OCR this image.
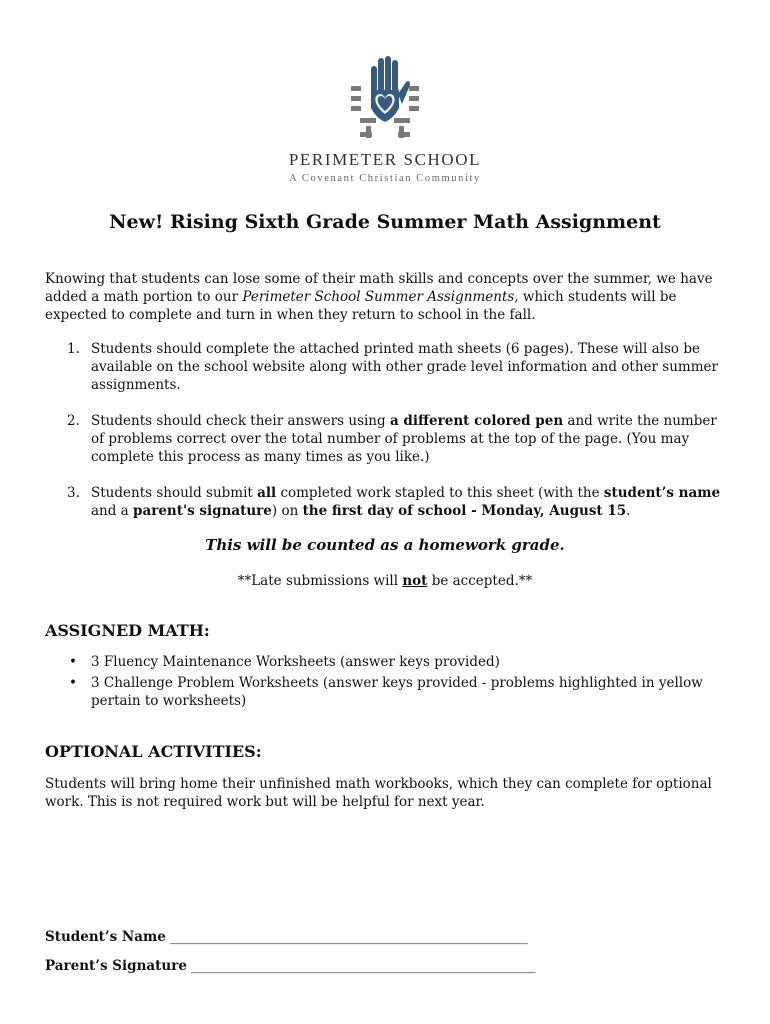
PERIMETER SCHOOL
A Covenant Christian Community
New! Rising Sixth Grade Summer Math Assignment

Knowing that students can lose some of their math skills and concepts over the summer, we have added a math portion to our Perimeter School Summer Assignments, which students will be expected to complete and turn in when they return to school in the fall.

1. Students should complete the attached printed math sheets (6 pages). These will also be available on the school website along with other grade level information and other summer assignments.
2. Students should check their answers using a different colored pen and write the number of problems correct over the total number of problems at the top of the page. (You may complete this process as many times as you like.)
3. Students should submit all completed work stapled to this sheet (with the student’s name and a parent's signature) on the first day of school - Monday, August 15.
This will be counted as a homework grade.
**Late submissions will not be accepted.**
ASSIGNED MATH:
• 3 Fluency Maintenance Worksheets (answer keys provided)
• 3 Challenge Problem Worksheets (answer keys provided - problems highlighted in yellow pertain to worksheets)
OPTIONAL ACTIVITIES:

Students will bring home their unfinished math workbooks, which they can complete for optional work. This is not required work but will be helpful for next year.

Student’s Name _____________________________________________________
Parent’s Signature ___________________________________________________
